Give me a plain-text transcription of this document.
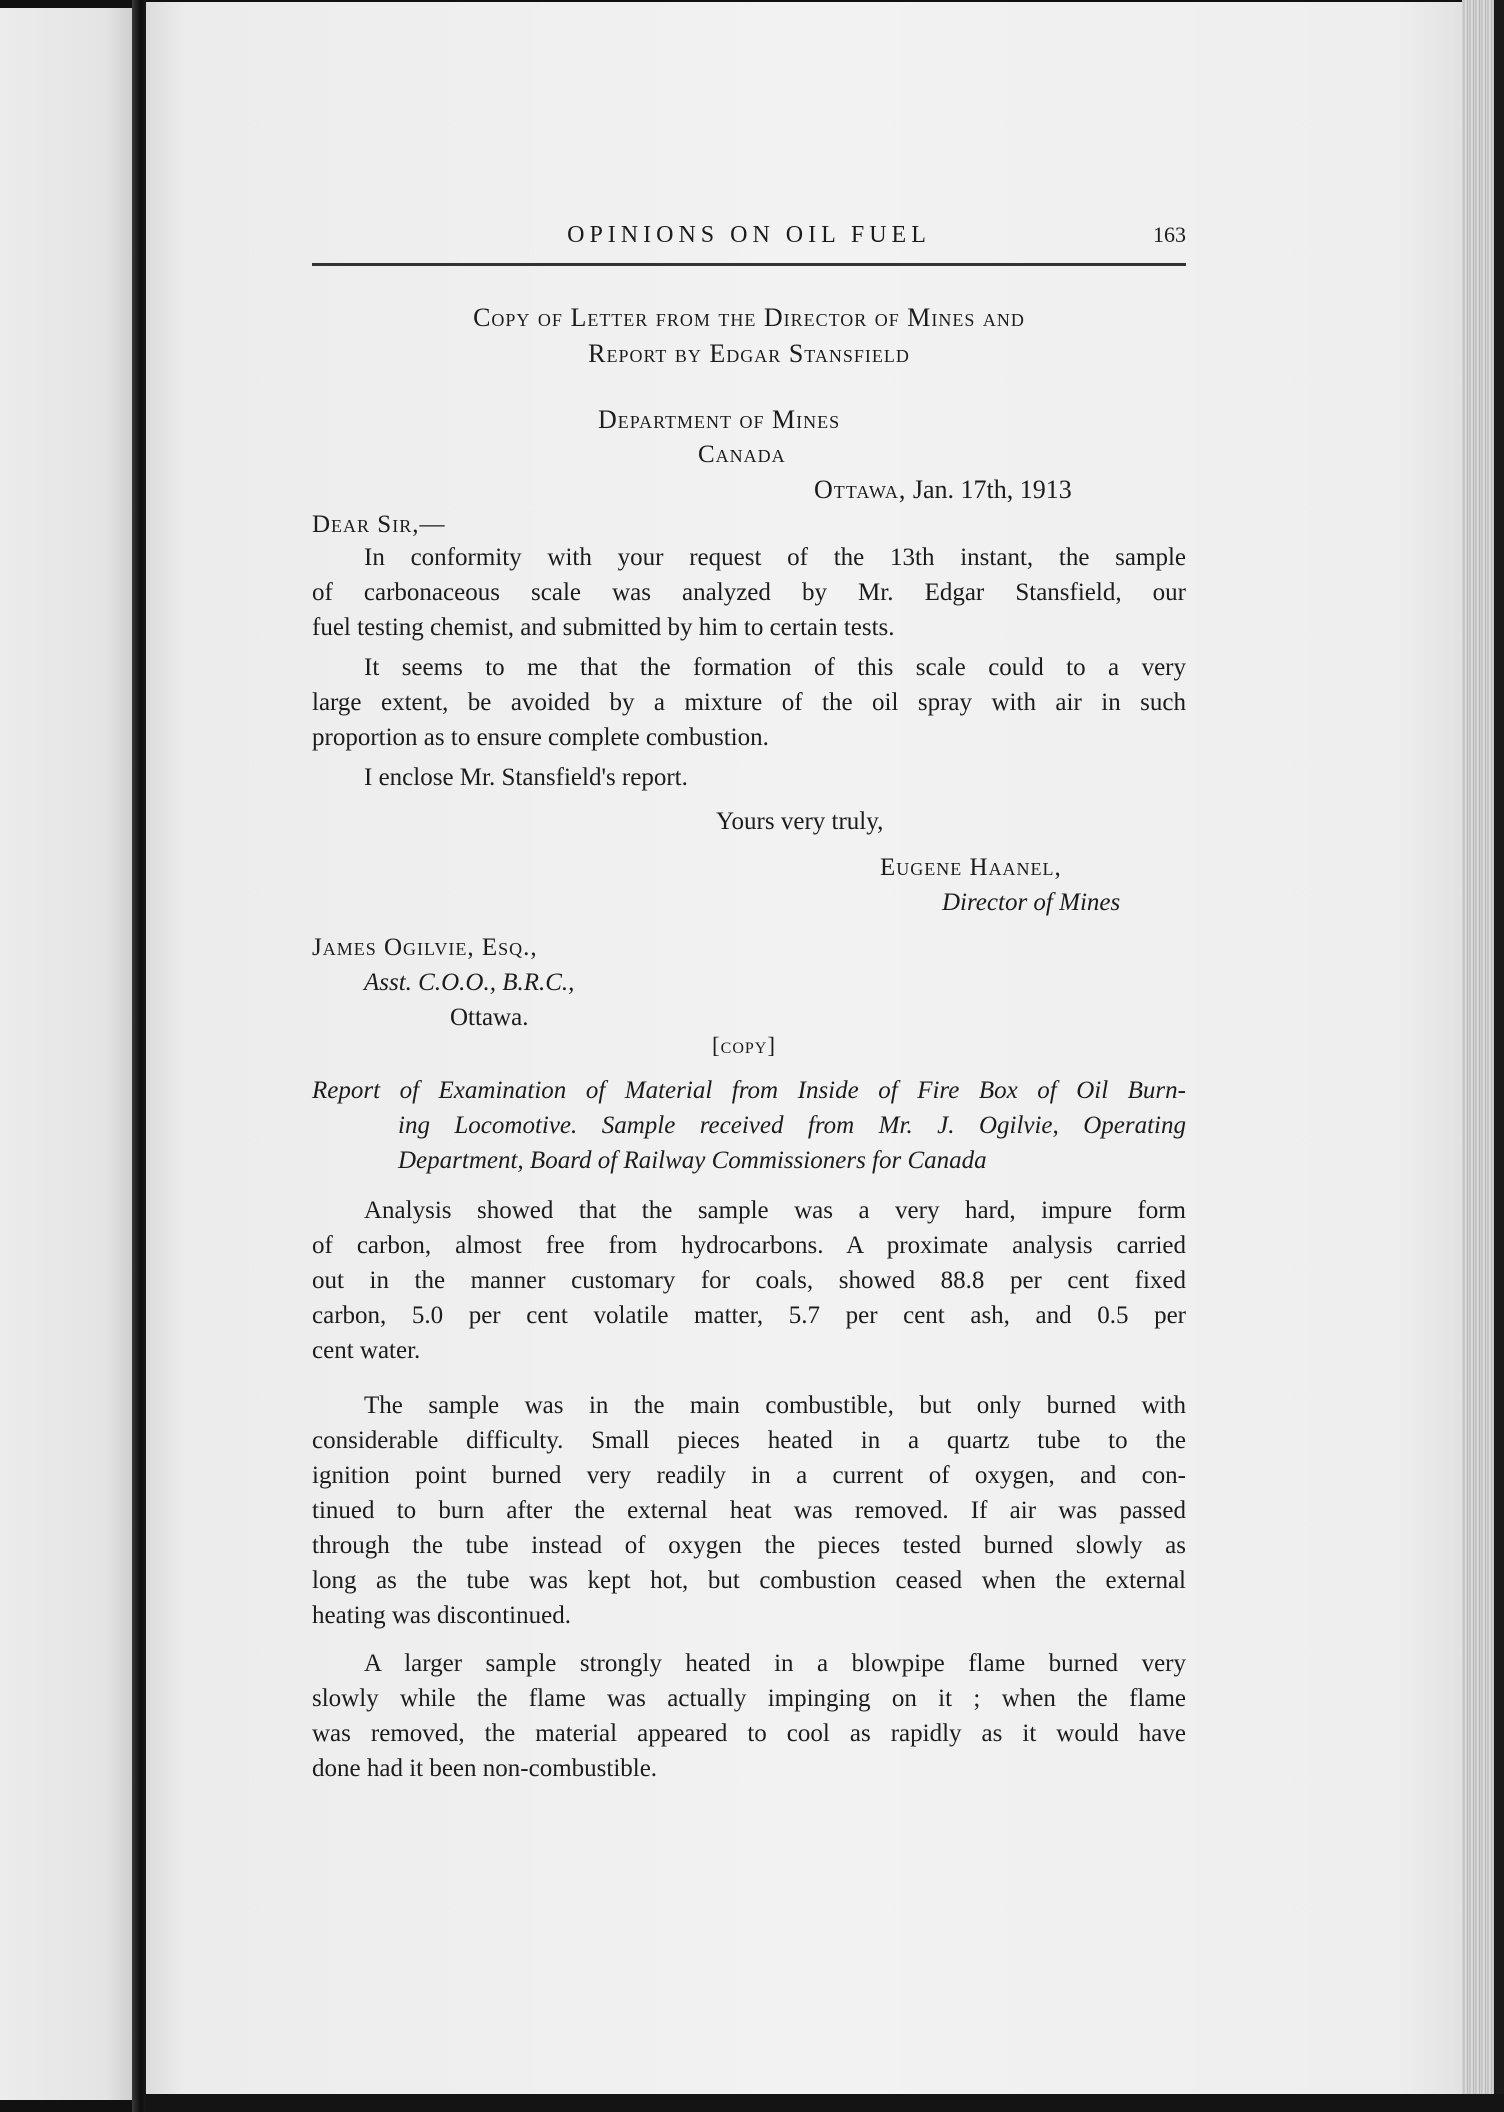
OPINIONS ON OIL FUEL	163
Copy of Letter from the Director of Mines and
Report by Edgar Stansfield
Department of Mines
Canada
Ottawa, Jan. 17th, 1913
Dear Sir,—

In conformity with your request of the 13th instant, the sample
of carbonaceous scale was analyzed by Mr. Edgar Stansfield, our
fuel testing chemist, and submitted by him to certain tests.

It seems to me that the formation of this scale could to a very
large extent, be avoided by a mixture of the oil spray with air in such
proportion as to ensure complete combustion.

I enclose Mr. Stansfield's report.
Yours very truly,
Eugene Haanel,
Director of Mines
James Ogilvie, Esq.,
Asst. C.O.O., B.R.C.,
Ottawa.
[copy]

Report of Examination of Material from Inside of Fire Box of Oil Burn-
ing Locomotive. Sample received from Mr. J. Ogilvie, Operating
Department, Board of Railway Commissioners for Canada

Analysis showed that the sample was a very hard, impure form
of carbon, almost free from hydrocarbons. A proximate analysis carried
out in the manner customary for coals, showed 88.8 per cent fixed
carbon, 5.0 per cent volatile matter, 5.7 per cent ash, and 0.5 per
cent water.

The sample was in the main combustible, but only burned with
considerable difficulty. Small pieces heated in a quartz tube to the
ignition point burned very readily in a current of oxygen, and con-
tinued to burn after the external heat was removed. If air was passed
through the tube instead of oxygen the pieces tested burned slowly as
long as the tube was kept hot, but combustion ceased when the external
heating was discontinued.

A larger sample strongly heated in a blowpipe flame burned very
slowly while the flame was actually impinging on it ; when the flame
was removed, the material appeared to cool as rapidly as it would have
done had it been non-combustible.
